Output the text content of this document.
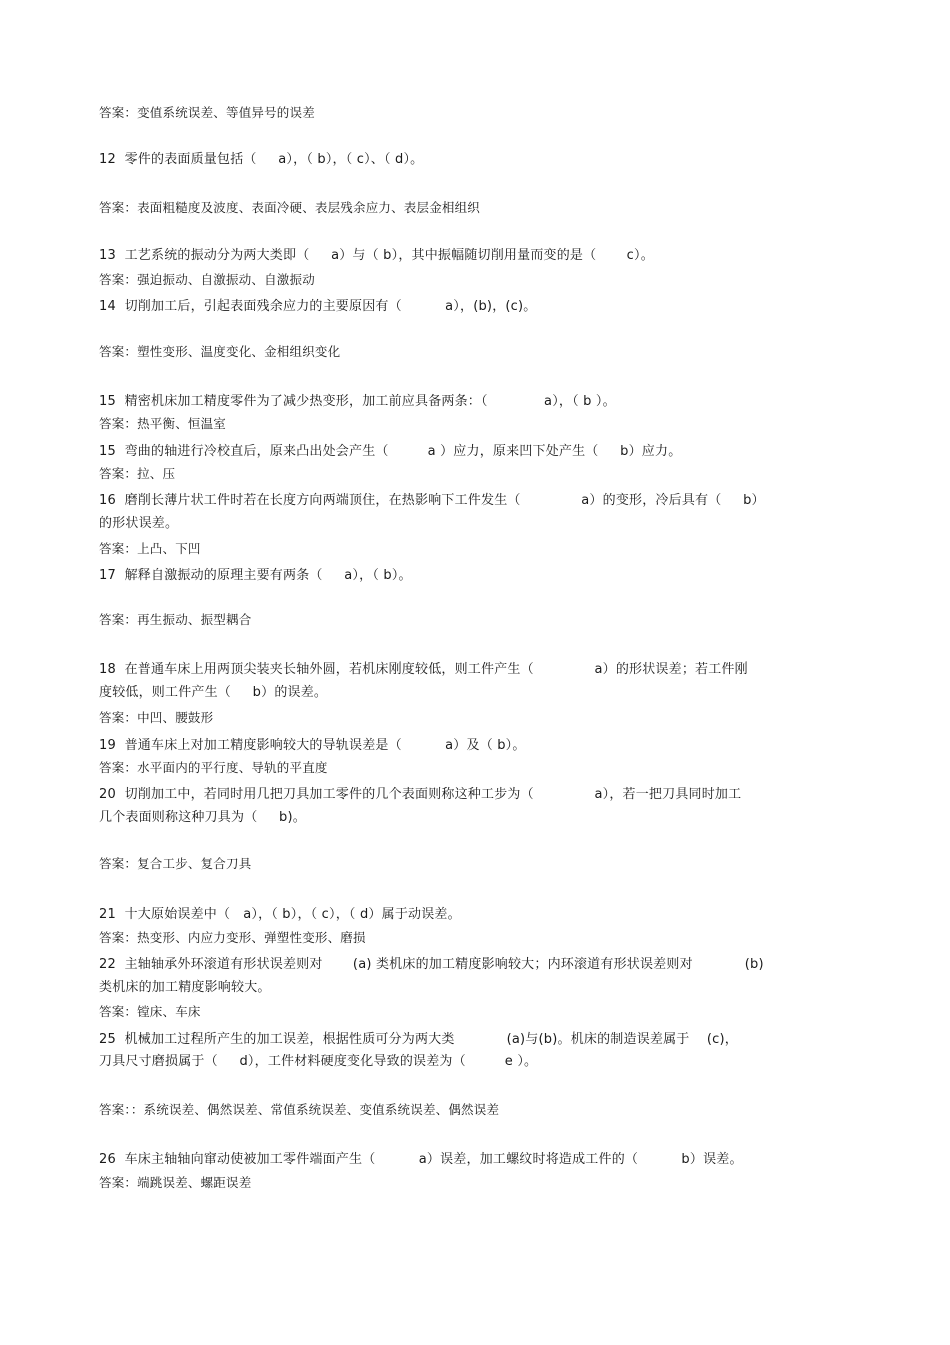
答案：变值系统误差、等值异号的误差
12  零件的表面质量包括（     a），（ b），（ c）、（ d）。
答案：表面粗糙度及波度、表面冷硬、表层残余应力、表层金相组织
13  工艺系统的振动分为两大类即（     a）与（ b），其中振幅随切削用量而变的是（       c）。
答案：强迫振动、自激振动、自激振动
14  切削加工后，引起表面残余应力的主要原因有（          a），(b)，(c)。
答案：塑性变形、温度变化、金相组织变化
15  精密机床加工精度零件为了减少热变形，加工前应具备两条：（             a），（ b ）。
答案：热平衡、恒温室
15  弯曲的轴进行冷校直后，原来凸出处会产生（         a ）应力，原来凹下处产生（     b）应力。
答案：拉、压
16  磨削长薄片状工件时若在长度方向两端顶住，在热影响下工件发生（              a）的变形，冷后具有（     b）
的形状误差。
答案：上凸、下凹
17  解释自激振动的原理主要有两条（     a），（ b）。
答案：再生振动、振型耦合
18  在普通车床上用两顶尖装夹长轴外圆，若机床刚度较低，则工件产生（              a）的形状误差；若工件刚
度较低，则工件产生（     b）的误差。
答案：中凹、腰鼓形
19  普通车床上对加工精度影响较大的导轨误差是（          a）及（ b）。
答案：水平面内的平行度、导轨的平直度
20  切削加工中，若同时用几把刀具加工零件的几个表面则称这种工步为（              a），若一把刀具同时加工
几个表面则称这种刀具为（     b)。
答案：复合工步、复合刀具
21  十大原始误差中（   a），（ b），（ c），（ d）属于动误差。
答案：热变形、内应力变形、弹塑性变形、磨损
22  主轴轴承外环滚道有形状误差则对       (a) 类机床的加工精度影响较大；内环滚道有形状误差则对            (b)
类机床的加工精度影响较大。
答案：镗床、车床
25  机械加工过程所产生的加工误差，根据性质可分为两大类            (a)与(b)。机床的制造误差属于    (c)，
刀具尺寸磨损属于（     d），工件材料硬度变化导致的误差为（         e ）。
答案：：系统误差、偶然误差、常值系统误差、变值系统误差、偶然误差
26  车床主轴轴向窜动使被加工零件端面产生（          a）误差，加工螺纹时将造成工件的（          b）误差。
答案：端跳误差、螺距误差
